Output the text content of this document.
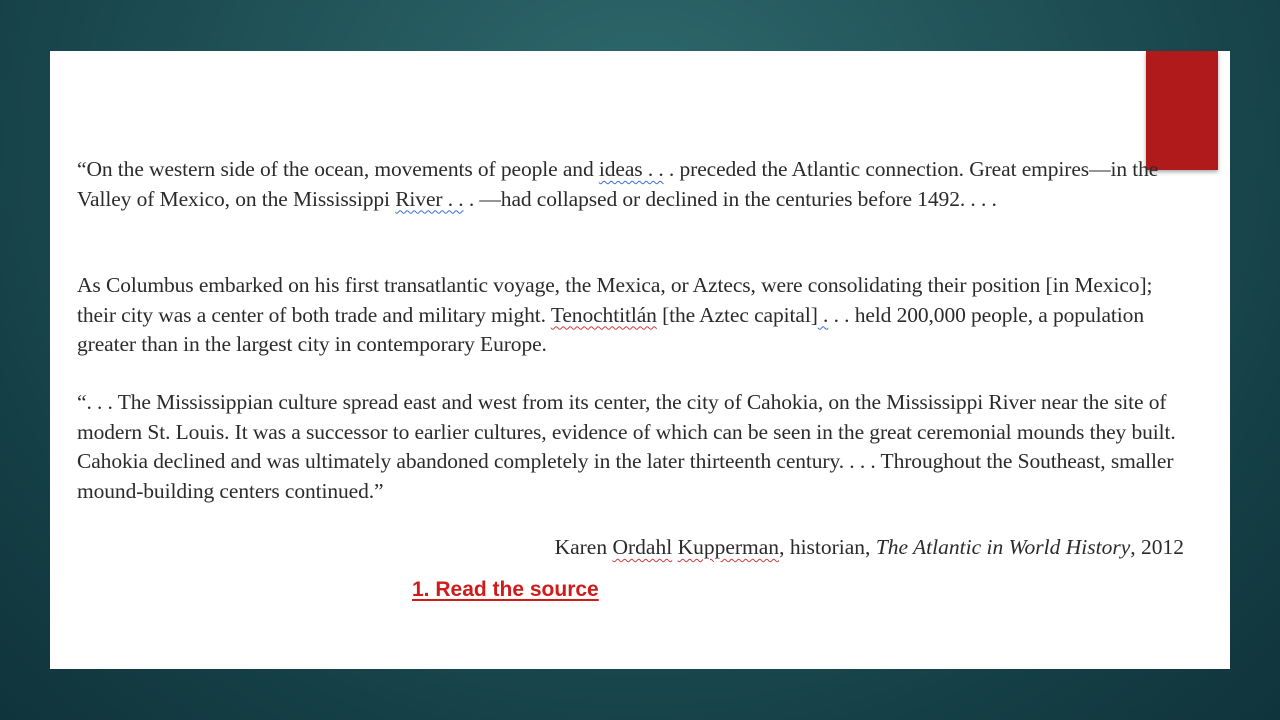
“On the western side of the ocean, movements of people and ideas . . . preceded the Atlantic connection. Great empires—in the Valley of Mexico, on the Mississippi River . . . —had collapsed or declined in the centuries before 1492. . . .
As Columbus embarked on his first transatlantic voyage, the Mexica, or Aztecs, were consolidating their position [in Mexico]; their city was a center of both trade and military might. Tenochtitlán [the Aztec capital] . . . held 200,000 people, a population greater than in the largest city in contemporary Europe.
“. . . The Mississippian culture spread east and west from its center, the city of Cahokia, on the Mississippi River near the site of modern St. Louis. It was a successor to earlier cultures, evidence of which can be seen in the great ceremonial mounds they built. Cahokia declined and was ultimately abandoned completely in the later thirteenth century. . . . Throughout the Southeast, smaller mound-building centers continued.”
Karen Ordahl Kupperman, historian, The Atlantic in World History, 2012
1. Read the source
